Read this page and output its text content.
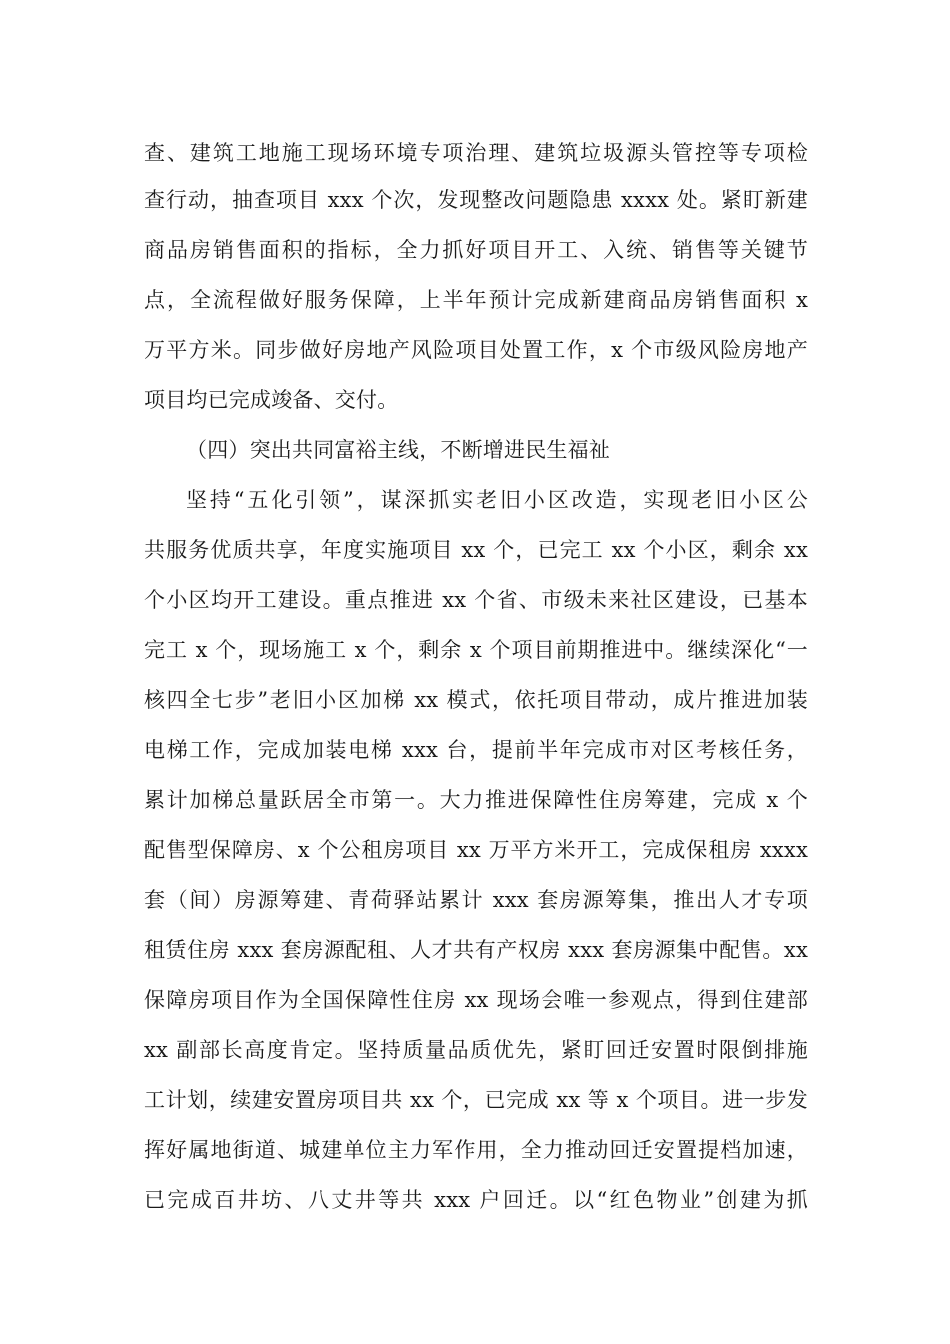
查、建筑工地施工现场环境专项治理、建筑垃圾源头管控等专项检
查行动，抽查项目 xxx 个次，发现整改问题隐患 xxxx 处。紧盯新建
商品房销售面积的指标，全力抓好项目开工、入统、销售等关键节
点，全流程做好服务保障，上半年预计完成新建商品房销售面积 x
万平方米。同步做好房地产风险项目处置工作，x 个市级风险房地产
项目均已完成竣备、交付。
（四）突出共同富裕主线，不断增进民生福祉
坚持“五化引领”，谋深抓实老旧小区改造，实现老旧小区公
共服务优质共享，年度实施项目 xx 个，已完工 xx 个小区，剩余 xx
个小区均开工建设。重点推进 xx 个省、市级未来社区建设，已基本
完工 x 个，现场施工 x 个，剩余 x 个项目前期推进中。继续深化“一
核四全七步”老旧小区加梯 xx 模式，依托项目带动，成片推进加装
电梯工作，完成加装电梯 xxx 台，提前半年完成市对区考核任务，
累计加梯总量跃居全市第一。大力推进保障性住房筹建，完成 x 个
配售型保障房、x 个公租房项目 xx 万平方米开工，完成保租房 xxxx
套（间）房源筹建、青荷驿站累计 xxx 套房源筹集，推出人才专项
租赁住房 xxx 套房源配租、人才共有产权房 xxx 套房源集中配售。xx
保障房项目作为全国保障性住房 xx 现场会唯一参观点，得到住建部
xx 副部长高度肯定。坚持质量品质优先，紧盯回迁安置时限倒排施
工计划，续建安置房项目共 xx 个，已完成 xx 等 x 个项目。进一步发
挥好属地街道、城建单位主力军作用，全力推动回迁安置提档加速，
已完成百井坊、八丈井等共 xxx 户回迁。以“红色物业”创建为抓
